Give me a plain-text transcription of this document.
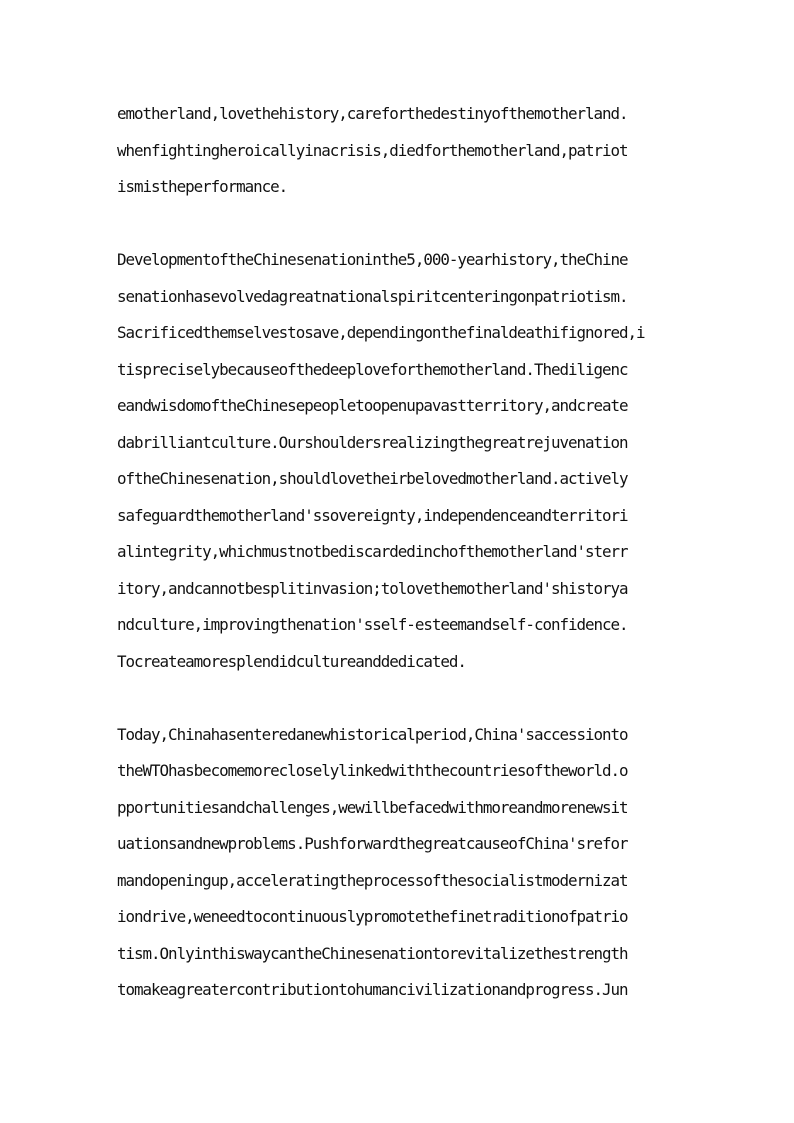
emotherland,lovethehistory,careforthedestinyofthemotherland.
whenfightingheroicallyinacrisis,diedforthemotherland,patriot
ismistheperformance.
DevelopmentoftheChinesenationinthe5,000-yearhistory,theChine
senationhasevolvedagreatnationalspiritcenteringonpatriotism.
Sacrificedthemselvestosave,dependingonthefinaldeathifignored,i
tispreciselybecauseofthedeeploveforthemotherland.Thediligenc
eandwisdomoftheChinesepeopletoopenupavastterritory,andcreate
dabrilliantculture.Ourshouldersrealizingthegreatrejuvenation
oftheChinesenation,shouldlovetheirbelovedmotherland.actively
safeguardthemotherland'ssovereignty,independenceandterritori
alintegrity,whichmustnotbediscardedinchofthemotherland'sterr
itory,andcannotbesplitinvasion;tolovethemotherland'shistorya
ndculture,improvingthenation'sself-esteemandself-confidence.
Tocreateamoresplendidcultureanddedicated.
Today,Chinahasenteredanewhistoricalperiod,China'saccessionto
theWTOhasbecomemorecloselylinkedwiththecountriesoftheworld.o
pportunitiesandchallenges,wewillbefacedwithmoreandmorenewsit
uationsandnewproblems.PushforwardthegreatcauseofChina'srefor
mandopeningup,acceleratingtheprocessofthesocialistmodernizat
iondrive,weneedtocontinuouslypromotethefinetraditionofpatrio
tism.OnlyinthiswaycantheChinesenationtorevitalizethestrength
tomakeagreatercontributiontohumancivilizationandprogress.Jun
